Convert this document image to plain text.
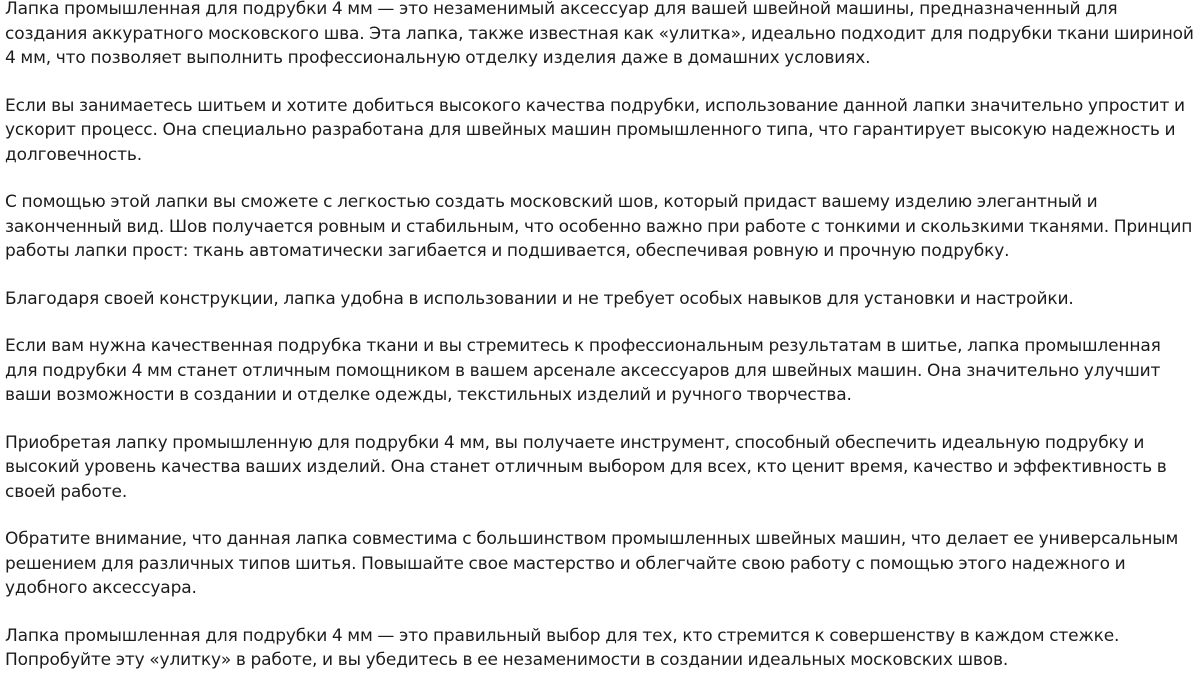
Лапка промышленная для подрубки 4 мм — это незаменимый аксессуар для вашей швейной машины, предназначенный для создания аккуратного московского шва. Эта лапка, также известная как «улитка», идеально подходит для подрубки ткани шириной 4 мм, что позволяет выполнить профессиональную отделку изделия даже в домашних условиях.

Если вы занимаетесь шитьем и хотите добиться высокого качества подрубки, использование данной лапки значительно упростит и ускорит процесс. Она специально разработана для швейных машин промышленного типа, что гарантирует высокую надежность и долговечность.

С помощью этой лапки вы сможете с легкостью создать московский шов, который придаст вашему изделию элегантный и законченный вид. Шов получается ровным и стабильным, что особенно важно при работе с тонкими и скользкими тканями. Принцип работы лапки прост: ткань автоматически загибается и подшивается, обеспечивая ровную и прочную подрубку.

Благодаря своей конструкции, лапка удобна в использовании и не требует особых навыков для установки и настройки.

Если вам нужна качественная подрубка ткани и вы стремитесь к профессиональным результатам в шитье, лапка промышленная для подрубки 4 мм станет отличным помощником в вашем арсенале аксессуаров для швейных машин. Она значительно улучшит ваши возможности в создании и отделке одежды, текстильных изделий и ручного творчества.

Приобретая лапку промышленную для подрубки 4 мм, вы получаете инструмент, способный обеспечить идеальную подрубку и высокий уровень качества ваших изделий. Она станет отличным выбором для всех, кто ценит время, качество и эффективность в своей работе.

Обратите внимание, что данная лапка совместима с большинством промышленных швейных машин, что делает ее универсальным решением для различных типов шитья. Повышайте свое мастерство и облегчайте свою работу с помощью этого надежного и удобного аксессуара.

Лапка промышленная для подрубки 4 мм — это правильный выбор для тех, кто стремится к совершенству в каждом стежке. Попробуйте эту «улитку» в работе, и вы убедитесь в ее незаменимости в создании идеальных московских швов.
